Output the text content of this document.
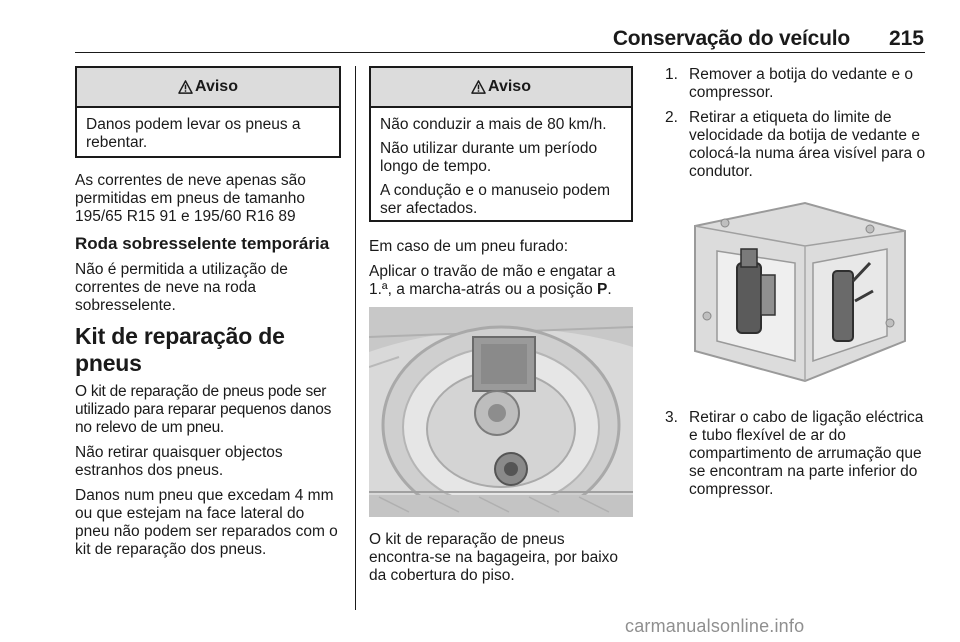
Conservação do veículo	215
Aviso

Danos podem levar os pneus a rebentar.

As correntes de neve apenas são permitidas em pneus de tamanho 195/65 R15 91 e 195/60 R16 89

Roda sobresselente temporária

Não é permitida a utilização de correntes de neve na roda sobresselente.

Kit de reparação de pneus

O kit de reparação de pneus pode ser utilizado para reparar pequenos danos no relevo de um pneu.

Não retirar quaisquer objectos estranhos dos pneus.

Danos num pneu que excedam 4 mm ou que estejam na face lateral do pneu não podem ser reparados com o kit de reparação dos pneus.

Aviso

Não conduzir a mais de 80 km/h.

Não utilizar durante um período longo de tempo.

A condução e o manuseio podem ser afectados.

Em caso de um pneu furado:

Aplicar o travão de mão e engatar a 1.ª, a marcha-atrás ou a posição P.

O kit de reparação de pneus encontra-se na bagageira, por baixo da cobertura do piso.

1. Remover a botija do vedante e o compressor.
2. Retirar a etiqueta do limite de velocidade da botija de vedante e colocá-la numa área visível para o condutor.
3. Retirar o cabo de ligação eléctrica e tubo flexível de ar do compartimento de arrumação que se encontram na parte inferior do compressor.
carmanualsonline.info
